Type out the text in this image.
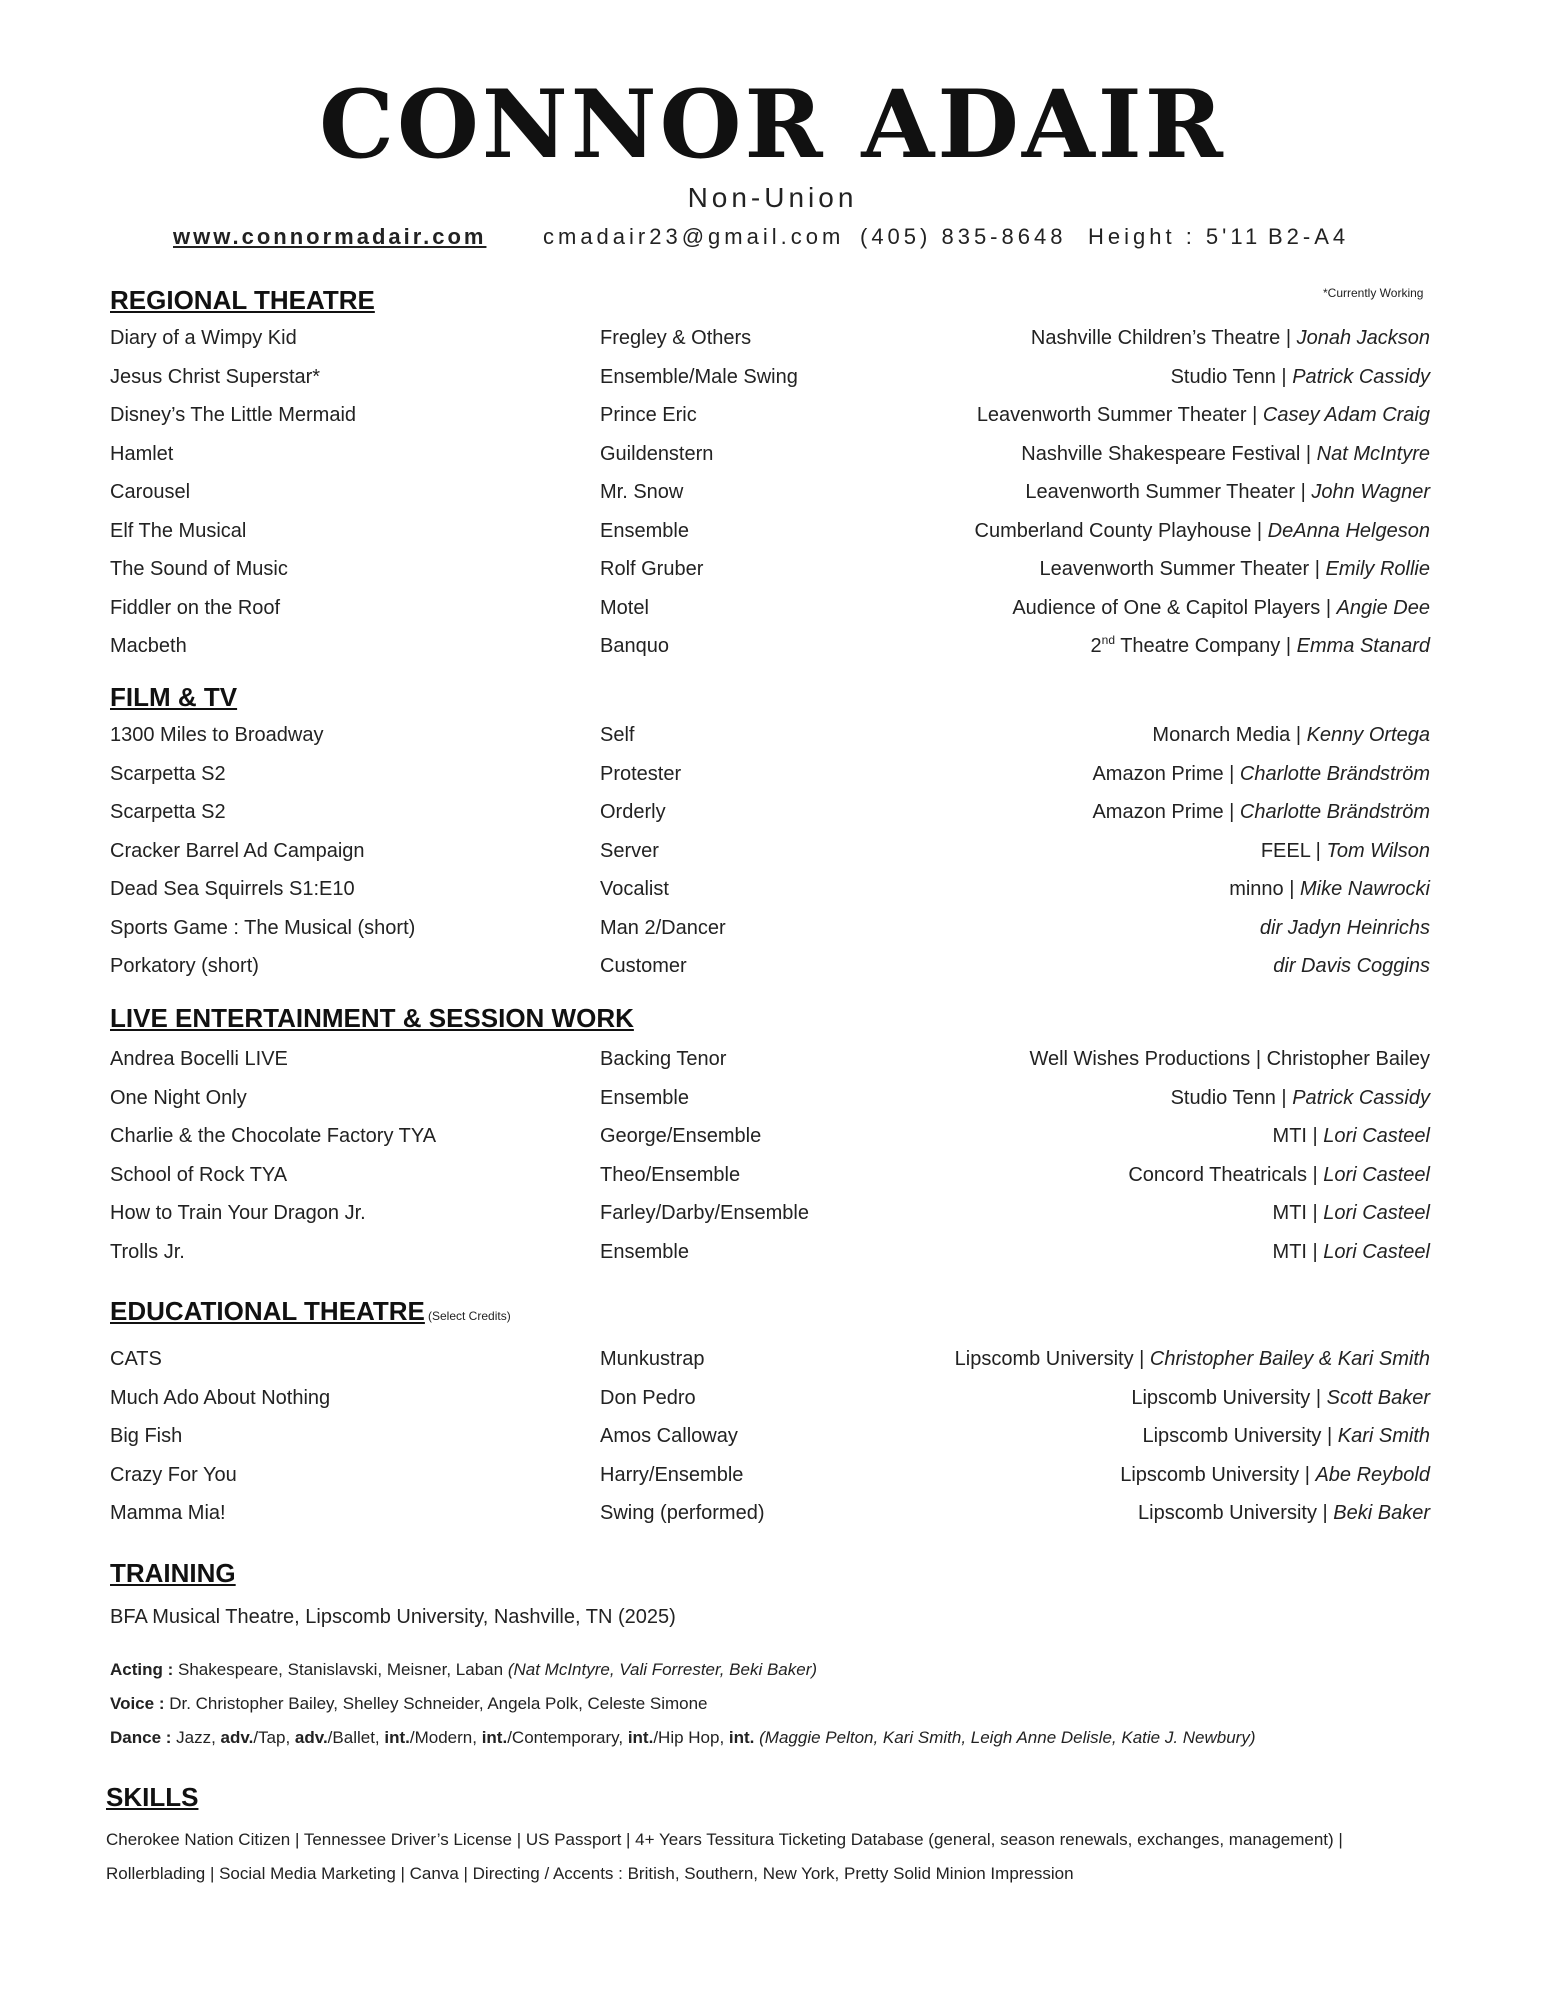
CONNOR ADAIR
Non-Union
www.connormadair.com	cmadair23@gmail.com (405) 835-8648 Height : 5'11 B2-A4
REGIONAL THEATRE	*Currently Working
Diary of a Wimpy Kid	Fregley & Others	Nashville Children’s Theatre | Jonah Jackson
Jesus Christ Superstar*	Ensemble/Male Swing	Studio Tenn | Patrick Cassidy
Disney’s The Little Mermaid	Prince Eric	Leavenworth Summer Theater | Casey Adam Craig
Hamlet	Guildenstern	Nashville Shakespeare Festival | Nat McIntyre
Carousel	Mr. Snow	Leavenworth Summer Theater | John Wagner
Elf The Musical	Ensemble	Cumberland County Playhouse | DeAnna Helgeson
The Sound of Music	Rolf Gruber	Leavenworth Summer Theater | Emily Rollie
Fiddler on the Roof	Motel	Audience of One & Capitol Players | Angie Dee
Macbeth	Banquo	2nd Theatre Company | Emma Stanard
FILM & TV
1300 Miles to Broadway	Self	Monarch Media | Kenny Ortega
Scarpetta S2	Protester	Amazon Prime | Charlotte Brändström
Scarpetta S2	Orderly	Amazon Prime | Charlotte Brändström
Cracker Barrel Ad Campaign	Server	FEEL | Tom Wilson
Dead Sea Squirrels S1:E10	Vocalist	minno | Mike Nawrocki
Sports Game : The Musical (short)	Man 2/Dancer	dir Jadyn Heinrichs
Porkatory (short)	Customer	dir Davis Coggins
LIVE ENTERTAINMENT & SESSION WORK
Andrea Bocelli LIVE	Backing Tenor	Well Wishes Productions | Christopher Bailey
One Night Only	Ensemble	Studio Tenn | Patrick Cassidy
Charlie & the Chocolate Factory TYA	George/Ensemble	MTI | Lori Casteel
School of Rock TYA	Theo/Ensemble	Concord Theatricals | Lori Casteel
How to Train Your Dragon Jr.	Farley/Darby/Ensemble	MTI | Lori Casteel
Trolls Jr.	Ensemble	MTI | Lori Casteel
EDUCATIONAL THEATRE (Select Credits)
CATS	Munkustrap	Lipscomb University | Christopher Bailey & Kari Smith
Much Ado About Nothing	Don Pedro	Lipscomb University | Scott Baker
Big Fish	Amos Calloway	Lipscomb University | Kari Smith
Crazy For You	Harry/Ensemble	Lipscomb University | Abe Reybold
Mamma Mia!	Swing (performed)	Lipscomb University | Beki Baker
TRAINING
BFA Musical Theatre, Lipscomb University, Nashville, TN (2025)
Acting : Shakespeare, Stanislavski, Meisner, Laban (Nat McIntyre, Vali Forrester, Beki Baker)
Voice : Dr. Christopher Bailey, Shelley Schneider, Angela Polk, Celeste Simone
Dance : Jazz, adv./Tap, adv./Ballet, int./Modern, int./Contemporary, int./Hip Hop, int. (Maggie Pelton, Kari Smith, Leigh Anne Delisle, Katie J. Newbury)
SKILLS
Cherokee Nation Citizen | Tennessee Driver’s License | US Passport | 4+ Years Tessitura Ticketing Database (general, season renewals, exchanges, management) |
Rollerblading | Social Media Marketing | Canva | Directing / Accents : British, Southern, New York, Pretty Solid Minion Impression
